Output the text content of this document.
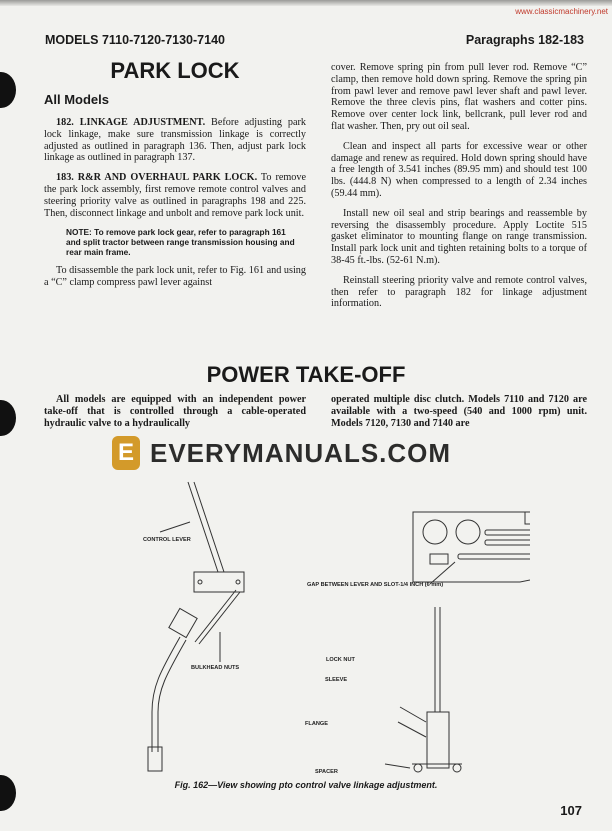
www.classicmachinery.net
MODELS 7110-7120-7130-7140	Paragraphs 182-183
PARK LOCK
All Models

182. LINKAGE ADJUSTMENT. Before adjusting park lock linkage, make sure transmission linkage is correctly adjusted as outlined in paragraph 136. Then, adjust park lock linkage as outlined in paragraph 137.

183. R&R AND OVERHAUL PARK LOCK. To remove the park lock assembly, first remove remote control valves and steering priority valve as outlined in paragraphs 198 and 225. Then, disconnect linkage and unbolt and remove park lock unit.

NOTE: To remove park lock gear, refer to paragraph 161 and split tractor between range transmission housing and rear main frame.

To disassemble the park lock unit, refer to Fig. 161 and using a “C” clamp compress pawl lever against

cover. Remove spring pin from pull lever rod. Remove “C” clamp, then remove hold down spring. Remove the spring pin from pawl lever and remove pawl lever shaft and pawl lever. Remove the three clevis pins, flat washers and cotter pins. Remove over center lock link, bellcrank, pull lever rod and flat washer. Then, pry out oil seal.

Clean and inspect all parts for excessive wear or other damage and renew as required. Hold down spring should have a free length of 3.541 inches (89.95 mm) and should test 100 lbs. (444.8 N) when compressed to a length of 2.34 inches (59.44 mm).

Install new oil seal and strip bearings and reassemble by reversing the disassembly procedure. Apply Loctite 515 gasket eliminator to mounting flange on range transmission. Install park lock unit and tighten retaining bolts to a torque of 38-45 ft.-lbs. (52-61 N.m).

Reinstall steering priority valve and remote control valves, then refer to paragraph 182 for linkage adjustment information.

POWER TAKE-OFF

All models are equipped with an independent power take-off that is controlled through a cable-operated hydraulic valve to a hydraulically

operated multiple disc clutch. Models 7110 and 7120 are available with a two-speed (540 and 1000 rpm) unit. Models 7120, 7130 and 7140 are

E EVERYMANUALS.COM
CONTROL LEVER
BULKHEAD NUTS
GAP BETWEEN LEVER AND SLOT-1/4 INCH (6 mm)
LOCK NUT
SLEEVE
FLANGE
SPACER
Fig. 162—View showing pto control valve linkage adjustment.
107
